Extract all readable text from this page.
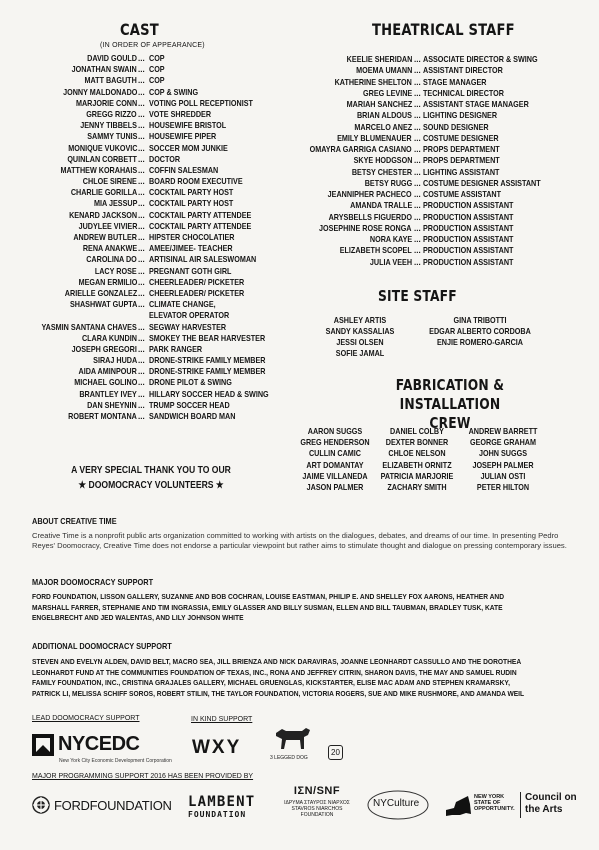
CAST
(IN ORDER OF APPEARANCE)
DAVID GOULD ... COP
JONATHAN SWAIN ... COP
MATT BAGUTH ... COP
JONNY MALDONADO ... COP & SWING
MARJORIE CONN ... VOTING POLL RECEPTIONIST
GREGG RIZZO ... VOTE SHREDDER
JENNY TIBBELS ... HOUSEWIFE BRISTOL
SAMMY TUNIS ... HOUSEWIFE PIPER
MONIQUE VUKOVIC ... SOCCER MOM JUNKIE
QUINLAN CORBETT ... DOCTOR
MATTHEW KORAHAIS ... COFFIN SALESMAN
CHLOE SIRENE ... BOARD ROOM EXECUTIVE
CHARLIE GORILLA ... COCKTAIL PARTY HOST
MIA JESSUP ... COCKTAIL PARTY HOST
KENARD JACKSON ... COCKTAIL PARTY ATTENDEE
JUDYLEE VIVIER ... COCKTAIL PARTY ATTENDEE
ANDREW BUTLER ... HIPSTER CHOCOLATIER
RENA ANAKWE ... AMEE/JIMEE- TEACHER
CAROLINA DO ... ARTISINAL AIR SALESWOMAN
LACY ROSE ... PREGNANT GOTH GIRL
MEGAN ERMILIO ... CHEERLEADER/ PICKETER
ARIELLE GONZALEZ ... CHEERLEADER/ PICKETER
SHASHWAT GUPTA ... CLIMATE CHANGE,
ELEVATOR OPERATOR
YASMIN SANTANA CHAVES ... SEGWAY HARVESTER
CLARA KUNDIN ... SMOKEY THE BEAR HARVESTER
JOSEPH GREGORI ... PARK RANGER
SIRAJ HUDA ... DRONE-STRIKE FAMILY MEMBER
AIDA AMINPOUR ... DRONE-STRIKE FAMILY MEMBER
MICHAEL GOLINO ... DRONE PILOT & SWING
BRANTLEY IVEY ... HILLARY SOCCER HEAD & SWING
DAN SHEYNIN ... TRUMP SOCCER HEAD
ROBERT MONTANA ... SANDWICH BOARD MAN
A VERY SPECIAL THANK YOU TO OUR
★ DOOMOCRACY VOLUNTEERS ★
THEATRICAL STAFF
KEELIE SHERIDAN ... ASSOCIATE DIRECTOR & SWING
MOEMA UMANN ... ASSISTANT DIRECTOR
KATHERINE SHELTON ... STAGE MANAGER
GREG LEVINE ... TECHNICAL DIRECTOR
MARIAH SANCHEZ ... ASSISTANT STAGE MANAGER
BRIAN ALDOUS ... LIGHTING DESIGNER
MARCELO ANEZ ... SOUND DESIGNER
EMILY BLUMENAUER ... COSTUME DESIGNER
OMAYRA GARRIGA CASIANO ... PROPS DEPARTMENT
SKYE HODGSON ... PROPS DEPARTMENT
BETSY CHESTER ... LIGHTING ASSISTANT
BETSY RUGG ... COSTUME DESIGNER ASSISTANT
JEANNIPHER PACHECO ... COSTUME ASSISTANT
AMANDA TRALLE ... PRODUCTION ASSISTANT
ARYSBELLS FIGUERDO ... PRODUCTION ASSISTANT
JOSEPHINE ROSE RONGA ... PRODUCTION ASSISTANT
NORA KAYE ... PRODUCTION ASSISTANT
ELIZABETH SCOPEL ... PRODUCTION ASSISTANT
JULIA VEEH ... PRODUCTION ASSISTANT
SITE STAFF
ASHLEY ARTIS
SANDY KASSALIAS
JESSI OLSEN
SOFIE JAMAL
GINA TRIBOTTI
EDGAR ALBERTO CORDOBA
ENJIE ROMERO-GARCIA
FABRICATION &
INSTALLATION CREW
AARON SUGGS
GREG HENDERSON
CULLIN CAMIC
ART DOMANTAY
JAIME VILLANEDA
JASON PALMER
DANIEL COLBY
DEXTER BONNER
CHLOE NELSON
ELIZABETH ORNITZ
PATRICIA MARJORIE
ZACHARY SMITH
ANDREW BARRETT
GEORGE GRAHAM
JOHN SUGGS
JOSEPH PALMER
JULIAN OSTI
PETER HILTON
ABOUT CREATIVE TIME
Creative Time is a nonprofit public arts organization committed to working with artists on the dialogues, debates, and dreams of our time. In presenting Pedro Reyes' Doomocracy, Creative Time does not endorse a particular viewpoint but rather aims to stimulate thought and dialogue on pressing contemporary issues.
MAJOR DOOMOCRACY SUPPORT
FORD FOUNDATION, LISSON GALLERY, SUZANNE AND BOB COCHRAN, LOUISE EASTMAN, PHILIP E. AND SHELLEY FOX AARONS, HEATHER AND MARSHALL FARRER, STEPHANIE AND TIM INGRASSIA, EMILY GLASSER AND BILLY SUSMAN, ELLEN AND BILL TAUBMAN, BRADLEY TUSK, KATE ENGELBRECHT AND JED WALENTAS, AND LILY JOHNSON WHITE
ADDITIONAL DOOMOCRACY SUPPORT
STEVEN AND EVELYN ALDEN, DAVID BELT, MACRO SEA, JILL BRIENZA AND NICK DARAVIRAS, JOANNE LEONHARDT CASSULLO AND THE DOROTHEA LEONHARDT FUND AT THE COMMUNITIES FOUNDATION OF TEXAS, INC., RONA AND JEFFREY CITRIN, SHARON DAVIS, THE MAY AND SAMUEL RUDIN FAMILY FOUNDATION, INC., CRISTINA GRAJALES GALLERY, MICHAEL GRUENGLAS, KICKSTARTER, ELISE MAC ADAM AND STEPHEN KRAMARSKY, PATRICK LI, MELISSA SCHIFF SOROS, ROBERT STILIN, THE TAYLOR FOUNDATION, VICTORIA ROGERS, SUE AND MIKE RUSHMORE, AND AMANDA WEIL
LEAD DOOMOCRACY SUPPORT	IN KIND SUPPORT
NYCEDC
New York City Economic Development Corporation
WXY	3 LEGGED DOG
20
MAJOR PROGRAMMING SUPPORT 2016 HAS BEEN PROVIDED BY
FORDFOUNDATION LAMBENT
FOUNDATION
ΙΣΝ/SNF
ΙΔΡΥΜΑ ΣΤΑΥΡΟΣ ΝΙΑΡΧΟΣ
STAVROS NIARCHOS
FOUNDATION
NYCulture
NEW YORK
STATE OF
OPPORTUNITY.
Council on
the Arts
